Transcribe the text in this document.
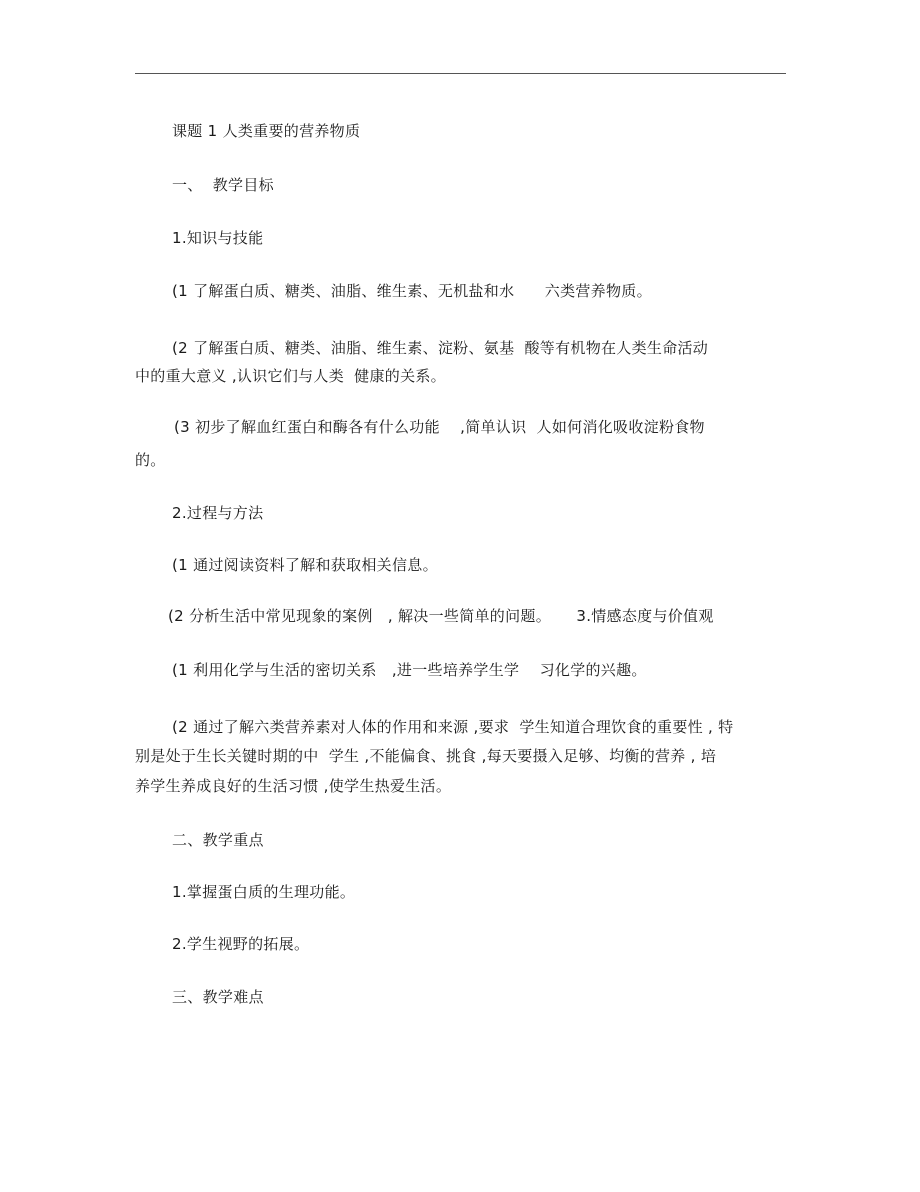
课题 1 人类重要的营养物质
一、  教学目标
1.知识与技能
(1 了解蛋白质、糖类、油脂、维生素、无机盐和水      六类营养物质。
(2 了解蛋白质、糖类、油脂、维生素、淀粉、氨基  酸等有机物在人类生命活动
中的重大意义 ,认识它们与人类  健康的关系。
(3 初步了解血红蛋白和酶各有什么功能    ,简单认识  人如何消化吸收淀粉食物
的。
2.过程与方法
(1 通过阅读资料了解和获取相关信息。
(2 分析生活中常见现象的案例   , 解决一些简单的问题。     3.情感态度与价值观
(1 利用化学与生活的密切关系   ,进一些培养学生学    习化学的兴趣。
(2 通过了解六类营养素对人体的作用和来源 ,要求  学生知道合理饮食的重要性 , 特
别是处于生长关键时期的中  学生 ,不能偏食、挑食 ,每天要摄入足够、均衡的营养 , 培
养学生养成良好的生活习惯 ,使学生热爱生活。
二、教学重点
1.掌握蛋白质的生理功能。
2.学生视野的拓展。
三、教学难点
